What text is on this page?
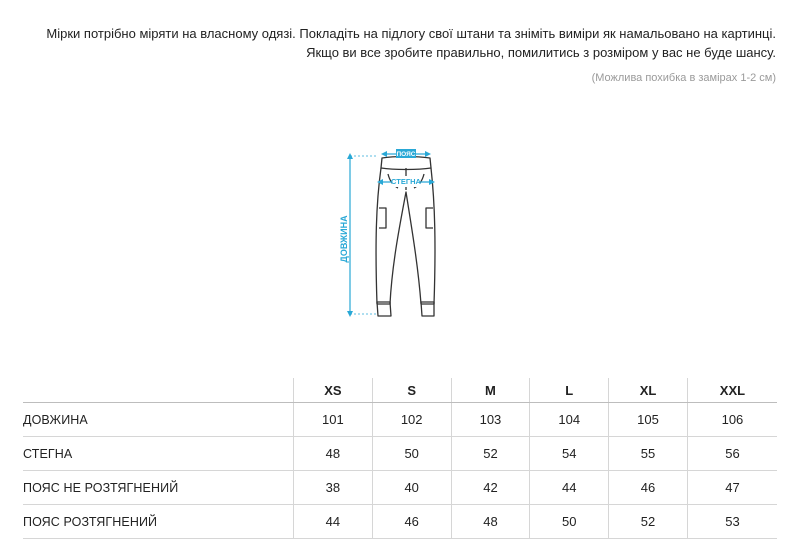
Мірки потрібно міряти на власному одязі. Покладіть на підлогу свої штани та зніміть виміри як намальовано на картинці.
Якщо ви все зробите правильно, помилитись з розміром у вас не буде шансу.
(Можлива похибка в замірах 1-2 см)
ПОЯС
СТЕГНА
ДОВЖИНА
	XS	S	M	L	XL	XXL
ДОВЖИНА	101	102	103	104	105	106
СТЕГНА	48	50	52	54	55	56
ПОЯС НЕ РОЗТЯГНЕНИЙ	38	40	42	44	46	47
ПОЯС РОЗТЯГНЕНИЙ	44	46	48	50	52	53
